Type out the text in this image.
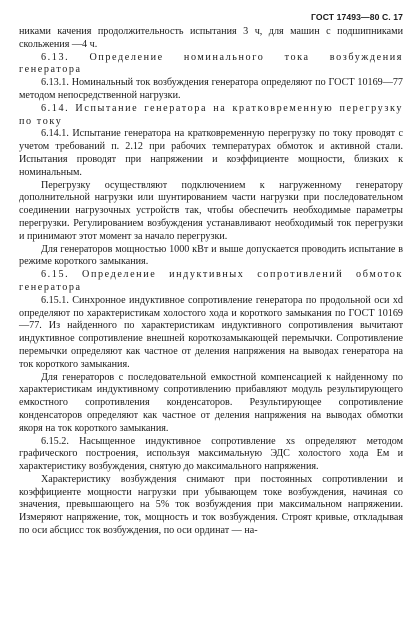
ГОСТ 17493—80 С. 17

никами качения продолжительность испытания 3 ч, для машин с подшипниками скольжения —4 ч.

6.13. Определение номинального тока возбуждения генератора

6.13.1. Номинальный ток возбуждения генератора определяют по ГОСТ 10169—77 методом непосредственной нагрузки.

6.14. Испытание генератора на кратковременную перегрузку по току

6.14.1. Испытание генератора на кратковременную перегрузку по току проводят с учетом требований п. 2.12 при рабочих температурах обмоток и активной стали. Испытания проводят при напряжении и коэффициенте мощности, близких к номинальным.

Перегрузку осуществляют подключением к нагруженному генератору дополнительной нагрузки или шунтированием части нагрузки при последовательном соединении нагрузочных устройств так, чтобы обеспечить необходимые параметры перегрузки. Регулированием возбуждения устанавливают необходимый ток перегрузки и принимают этот момент за начало перегрузки.

Для генераторов мощностью 1000 кВт и выше допускается проводить испытание в режиме короткого замыкания.

6.15. Определение индуктивных сопротивлений обмоток генератора

6.15.1. Синхронное индуктивное сопротивление генератора по продольной оси xd определяют по характеристикам холостого хода и короткого замыкания по ГОСТ 10169—77. Из найденного по характеристикам индуктивного сопротивления вычитают индуктивное сопротивление внешней короткозамыкающей перемычки. Сопротивление перемычки определяют как частное от деления напряжения на выводах генератора на ток короткого замыкания.

Для генераторов с последовательной емкостной компенсацией к найденному по характеристикам индуктивному сопротивлению прибавляют модуль результирующего емкостного сопротивления конденсаторов. Результирующее сопротивление конденсаторов определяют как частное от деления напряжения на выводах обмотки якоря на ток короткого замыкания.

6.15.2. Насыщенное индуктивное сопротивление xs определяют методом графического построения, используя максимальную ЭДС холостого хода Eм и характеристику возбуждения, снятую до максимального напряжения.

Характеристику возбуждения снимают при постоянных сопротивлении и коэффициенте мощности нагрузки при убывающем токе возбуждения, начиная со значения, превышающего на 5% ток возбуждения при максимальном напряжении. Измеряют напряжение, ток, мощность и ток возбуждения. Строят кривые, откладывая по оси абсцисс ток возбуждения, по оси ординат — на-
